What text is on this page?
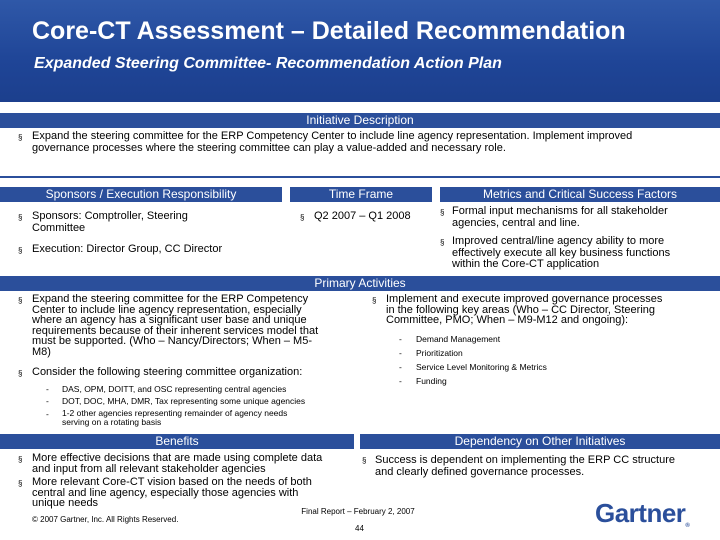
Core-CT Assessment – Detailed Recommendation
Expanded Steering Committee- Recommendation Action Plan
Initiative Description
§ Expand the steering committee for the ERP Competency Center to include line agency representation. Implement improved
governance processes where the steering committee can play a value-added and necessary role.
Sponsors / Execution Responsibility	Time Frame	Metrics and Critical Success Factors
§ Sponsors: Comptroller, Steering
Committee
§ Execution: Director Group, CC Director
§ Q2 2007 – Q1 2008	§ Formal input mechanisms for all stakeholder
agencies, central and line.
§ Improved central/line agency ability to more
effectively execute all key business functions
within the Core-CT application
Primary Activities
§ Expand the steering committee for the ERP Competency
Center to include line agency representation, especially
where an agency has a significant user base and unique
requirements because of their inherent services model that
must be supported. (Who – Nancy/Directors; When – M5-
M8)
§ Consider the following steering committee organization:
- DAS, OPM, DOITT, and OSC representing central agencies
- DOT, DOC, MHA, DMR, Tax representing some unique agencies
- 1-2 other agencies representing remainder of agency needs
serving on a rotating basis
§ Implement and execute improved governance processes
in the following key areas (Who – CC Director, Steering
Committee, PMO; When – M9-M12 and ongoing):
- Demand Management
- Prioritization
- Service Level Monitoring & Metrics
- Funding
Benefits	Dependency on Other Initiatives
§ More effective decisions that are made using complete data
and input from all relevant stakeholder agencies
§ More relevant Core-CT vision based on the needs of both
central and line agency, especially those agencies with
unique needs
§ Success is dependent on implementing the ERP CC structure
and clearly defined governance processes.
© 2007 Gartner, Inc. All Rights Reserved.
Final Report – February 2, 2007
44
Gartner®
